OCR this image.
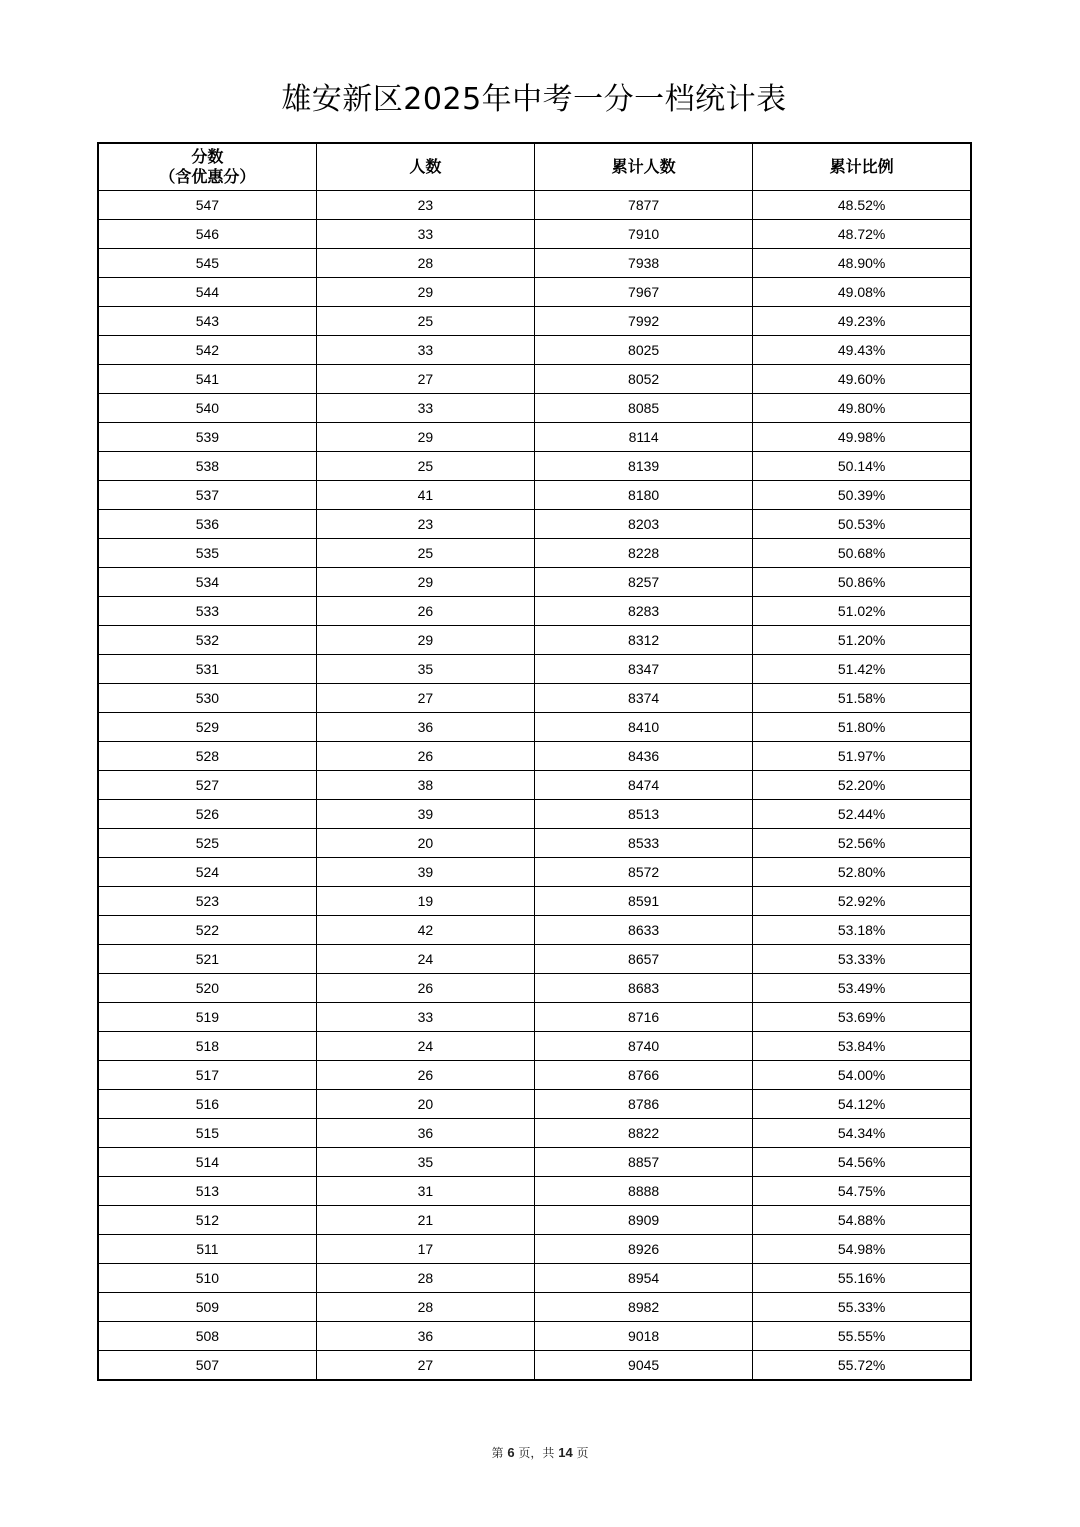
雄安新区2025年中考一分一档统计表
分数
（含优惠分）	人数	累计人数	累计比例
547	23	7877	48.52%
546	33	7910	48.72%
545	28	7938	48.90%
544	29	7967	49.08%
543	25	7992	49.23%
542	33	8025	49.43%
541	27	8052	49.60%
540	33	8085	49.80%
539	29	8114	49.98%
538	25	8139	50.14%
537	41	8180	50.39%
536	23	8203	50.53%
535	25	8228	50.68%
534	29	8257	50.86%
533	26	8283	51.02%
532	29	8312	51.20%
531	35	8347	51.42%
530	27	8374	51.58%
529	36	8410	51.80%
528	26	8436	51.97%
527	38	8474	52.20%
526	39	8513	52.44%
525	20	8533	52.56%
524	39	8572	52.80%
523	19	8591	52.92%
522	42	8633	53.18%
521	24	8657	53.33%
520	26	8683	53.49%
519	33	8716	53.69%
518	24	8740	53.84%
517	26	8766	54.00%
516	20	8786	54.12%
515	36	8822	54.34%
514	35	8857	54.56%
513	31	8888	54.75%
512	21	8909	54.88%
511	17	8926	54.98%
510	28	8954	55.16%
509	28	8982	55.33%
508	36	9018	55.55%
507	27	9045	55.72%
第 6 页，共 14 页
